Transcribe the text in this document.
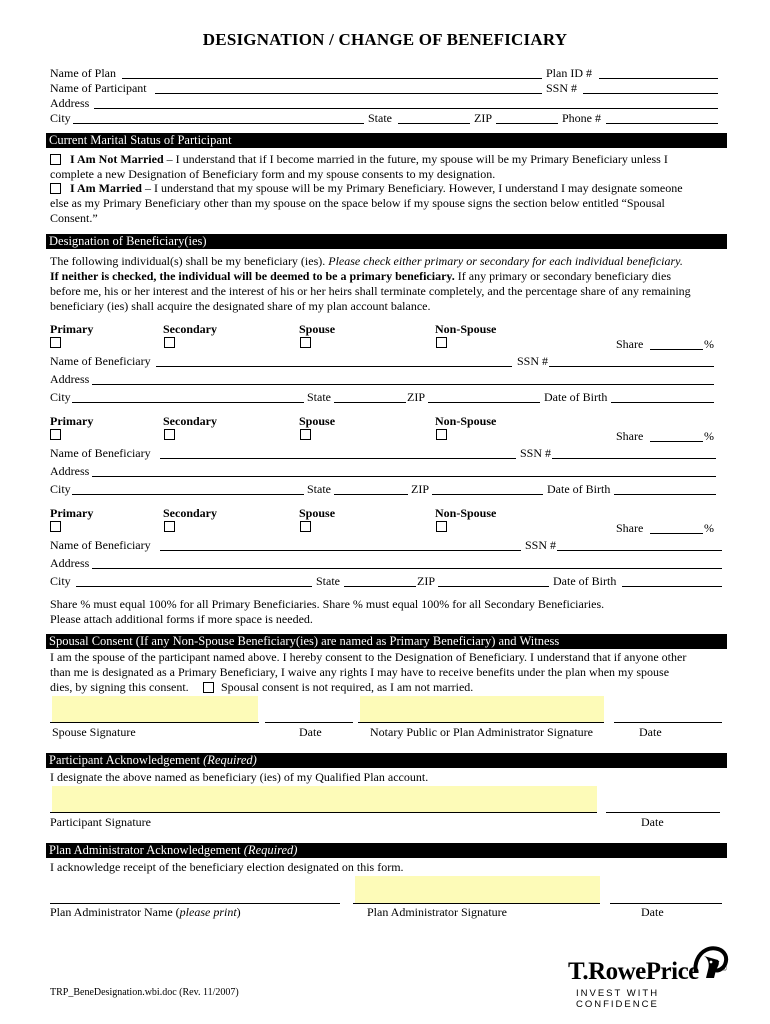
DESIGNATION / CHANGE OF BENEFICIARY
Name of Plan	Plan ID #
Name of Participant	SSN #
Address
City	State	ZIP	Phone #
Current Marital Status of Participant
I Am Not Married – I understand that if I become married in the future, my spouse will be my Primary Beneficiary unless I
complete a new Designation of Beneficiary form and my spouse consents to my designation.
I Am Married – I understand that my spouse will be my Primary Beneficiary. However, I understand I may designate someone
else as my Primary Beneficiary other than my spouse on the space below if my spouse signs the section below entitled “Spousal
Consent.”
Designation of Beneficiary(ies)
The following individual(s) shall be my beneficiary (ies). Please check either primary or secondary for each individual beneficiary.
If neither is checked, the individual will be deemed to be a primary beneficiary. If any primary or secondary beneficiary dies
before me, his or her interest and the interest of his or her heirs shall terminate completely, and the percentage share of any remaining
beneficiary (ies) shall acquire the designated share of my plan account balance.
Primary	Secondary	Spouse	Non-Spouse
Share	%
Name of Beneficiary	SSN #
Address
City	State	ZIP	Date of Birth
Primary	Secondary	Spouse	Non-Spouse
Share	%
Name of Beneficiary	SSN #
Address
City	State	ZIP	Date of Birth
Primary	Secondary	Spouse	Non-Spouse
Share	%
Name of Beneficiary	SSN #
Address
City	State	ZIP	Date of Birth
Share % must equal 100% for all Primary Beneficiaries. Share % must equal 100% for all Secondary Beneficiaries.
Please attach additional forms if more space is needed.
Spousal Consent (If any Non-Spouse Beneficiary(ies) are named as Primary Beneficiary) and Witness
I am the spouse of the participant named above. I hereby consent to the Designation of Beneficiary. I understand that if anyone other
than me is designated as a Primary Beneficiary, I waive any rights I may have to receive benefits under the plan when my spouse
dies, by signing this consent.	Spousal consent is not required, as I am not married.
Spouse Signature	Date	Notary Public or Plan Administrator Signature	Date
Participant Acknowledgement (Required)
I designate the above named as beneficiary (ies) of my Qualified Plan account.
Participant Signature	Date
Plan Administrator Acknowledgement (Required)
I acknowledge receipt of the beneficiary election designated on this form.
Plan Administrator Name (please print)	Plan Administrator Signature	Date
TRP_BeneDesignation.wbi.doc (Rev. 11/2007)
T.RowePrice	®
INVEST WITH CONFIDENCE
